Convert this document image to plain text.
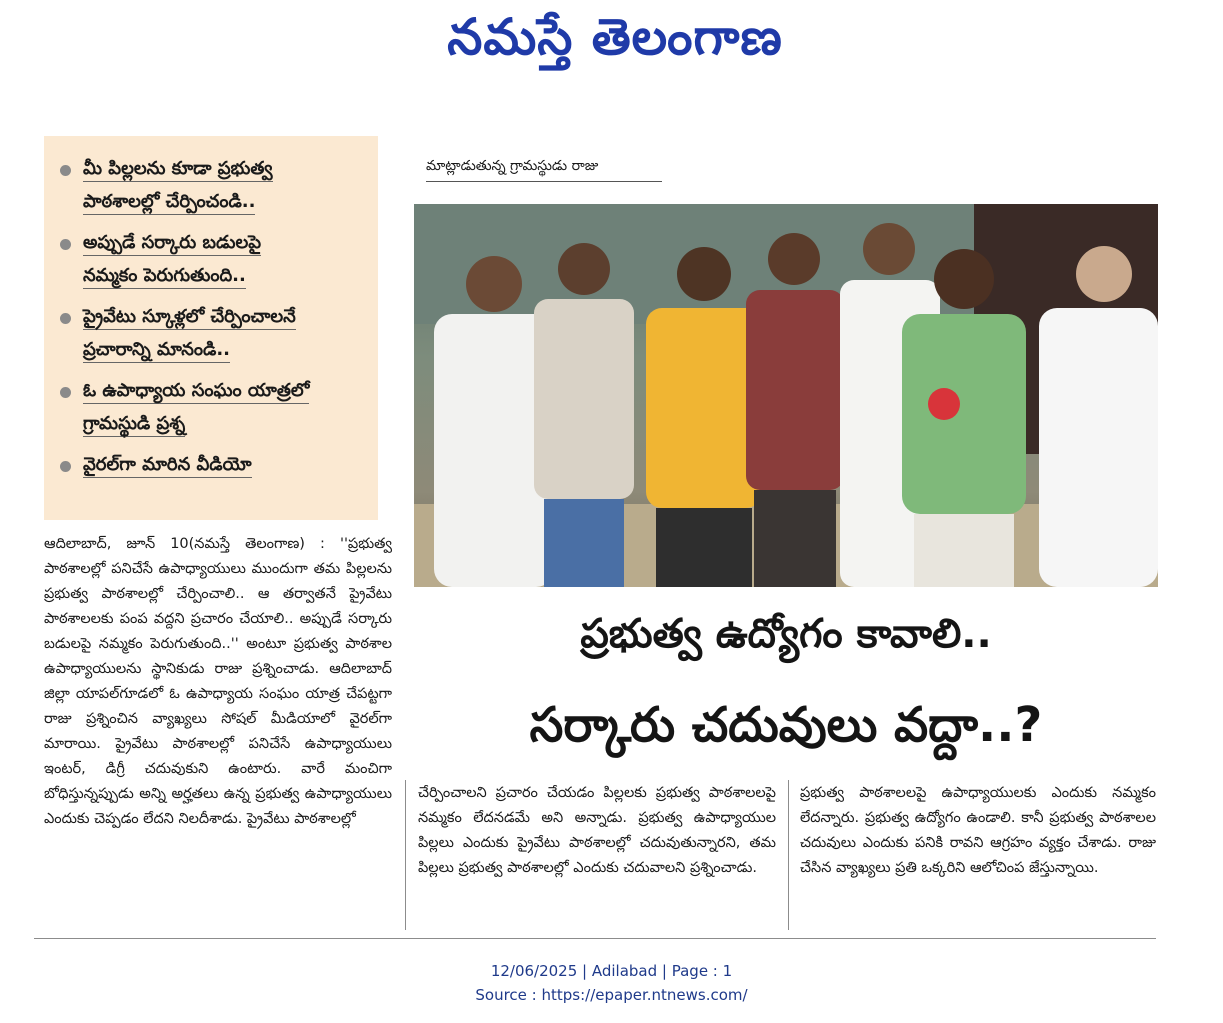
నమస్తే తెలంగాణ
మీ పిల్లలను కూడా ప్రభుత్వ
పాఠశాలల్లో చేర్పించండి..
అప్పుడే సర్కారు బడులపై
నమ్మకం పెరుగుతుంది..
ప్రైవేటు స్కూళ్లలో చేర్పించాలనే
ప్రచారాన్ని మానండి..
ఓ ఉపాధ్యాయ సంఘం యాత్రలో
గ్రామస్థుడి ప్రశ్న
వైరల్‌గా మారిన వీడియో
మాట్లాడుతున్న గ్రామస్థుడు రాజు
ప్రభుత్వ ఉద్యోగం కావాలి..
సర్కారు చదువులు వద్దా..?
ఆదిలాబాద్, జూన్ 10(నమస్తే తెలంగాణ) : ''ప్రభుత్వ పాఠశాలల్లో పనిచేసే ఉపాధ్యాయులు ముందుగా తమ పిల్లలను ప్రభుత్వ పాఠశాలల్లో చేర్పించాలి.. ఆ తర్వాతనే ప్రైవేటు పాఠశాలలకు పంప వద్దని ప్రచారం చేయాలి.. అప్పుడే సర్కారు బడులపై నమ్మకం పెరుగుతుంది..'' అంటూ ప్రభుత్వ పాఠశాల ఉపాధ్యాయులను స్థానికుడు రాజు ప్రశ్నించాడు. ఆదిలాబాద్ జిల్లా యాపల్‌గూడలో ఓ ఉపాధ్యాయ సంఘం యాత్ర చేపట్టగా రాజు ప్రశ్నించిన వ్యాఖ్యలు సోషల్ మీడియాలో వైరల్‌గా మారాయి. ప్రైవేటు పాఠశాలల్లో పనిచేసే ఉపాధ్యాయులు ఇంటర్, డిగ్రీ చదువుకుని ఉంటారు. వారే మంచిగా బోధిస్తున్నప్పుడు అన్ని అర్హతలు ఉన్న ప్రభుత్వ ఉపాధ్యాయులు ఎందుకు చెప్పడం లేదని నిలదీశాడు. ప్రైవేటు పాఠశాలల్లో
చేర్పించాలని ప్రచారం చేయడం పిల్లలకు ప్రభుత్వ పాఠశాలలపై నమ్మకం లేదనడమే అని అన్నాడు. ప్రభుత్వ ఉపాధ్యాయుల పిల్లలు ఎందుకు ప్రైవేటు పాఠశాలల్లో చదువుతున్నారని, తమ పిల్లలు ప్రభుత్వ పాఠశాలల్లో ఎందుకు చదువాలని ప్రశ్నించాడు.
ప్రభుత్వ పాఠశాలలపై ఉపాధ్యాయులకు ఎందుకు నమ్మకం లేదన్నారు. ప్రభుత్వ ఉద్యోగం ఉండాలి. కానీ ప్రభుత్వ పాఠశాలల చదువులు ఎందుకు పనికి రావని ఆగ్రహం వ్యక్తం చేశాడు. రాజు చేసిన వ్యాఖ్యలు ప్రతి ఒక్కరిని ఆలోచింప జేస్తున్నాయి.
12/06/2025 | Adilabad | Page : 1
Source : https://epaper.ntnews.com/
